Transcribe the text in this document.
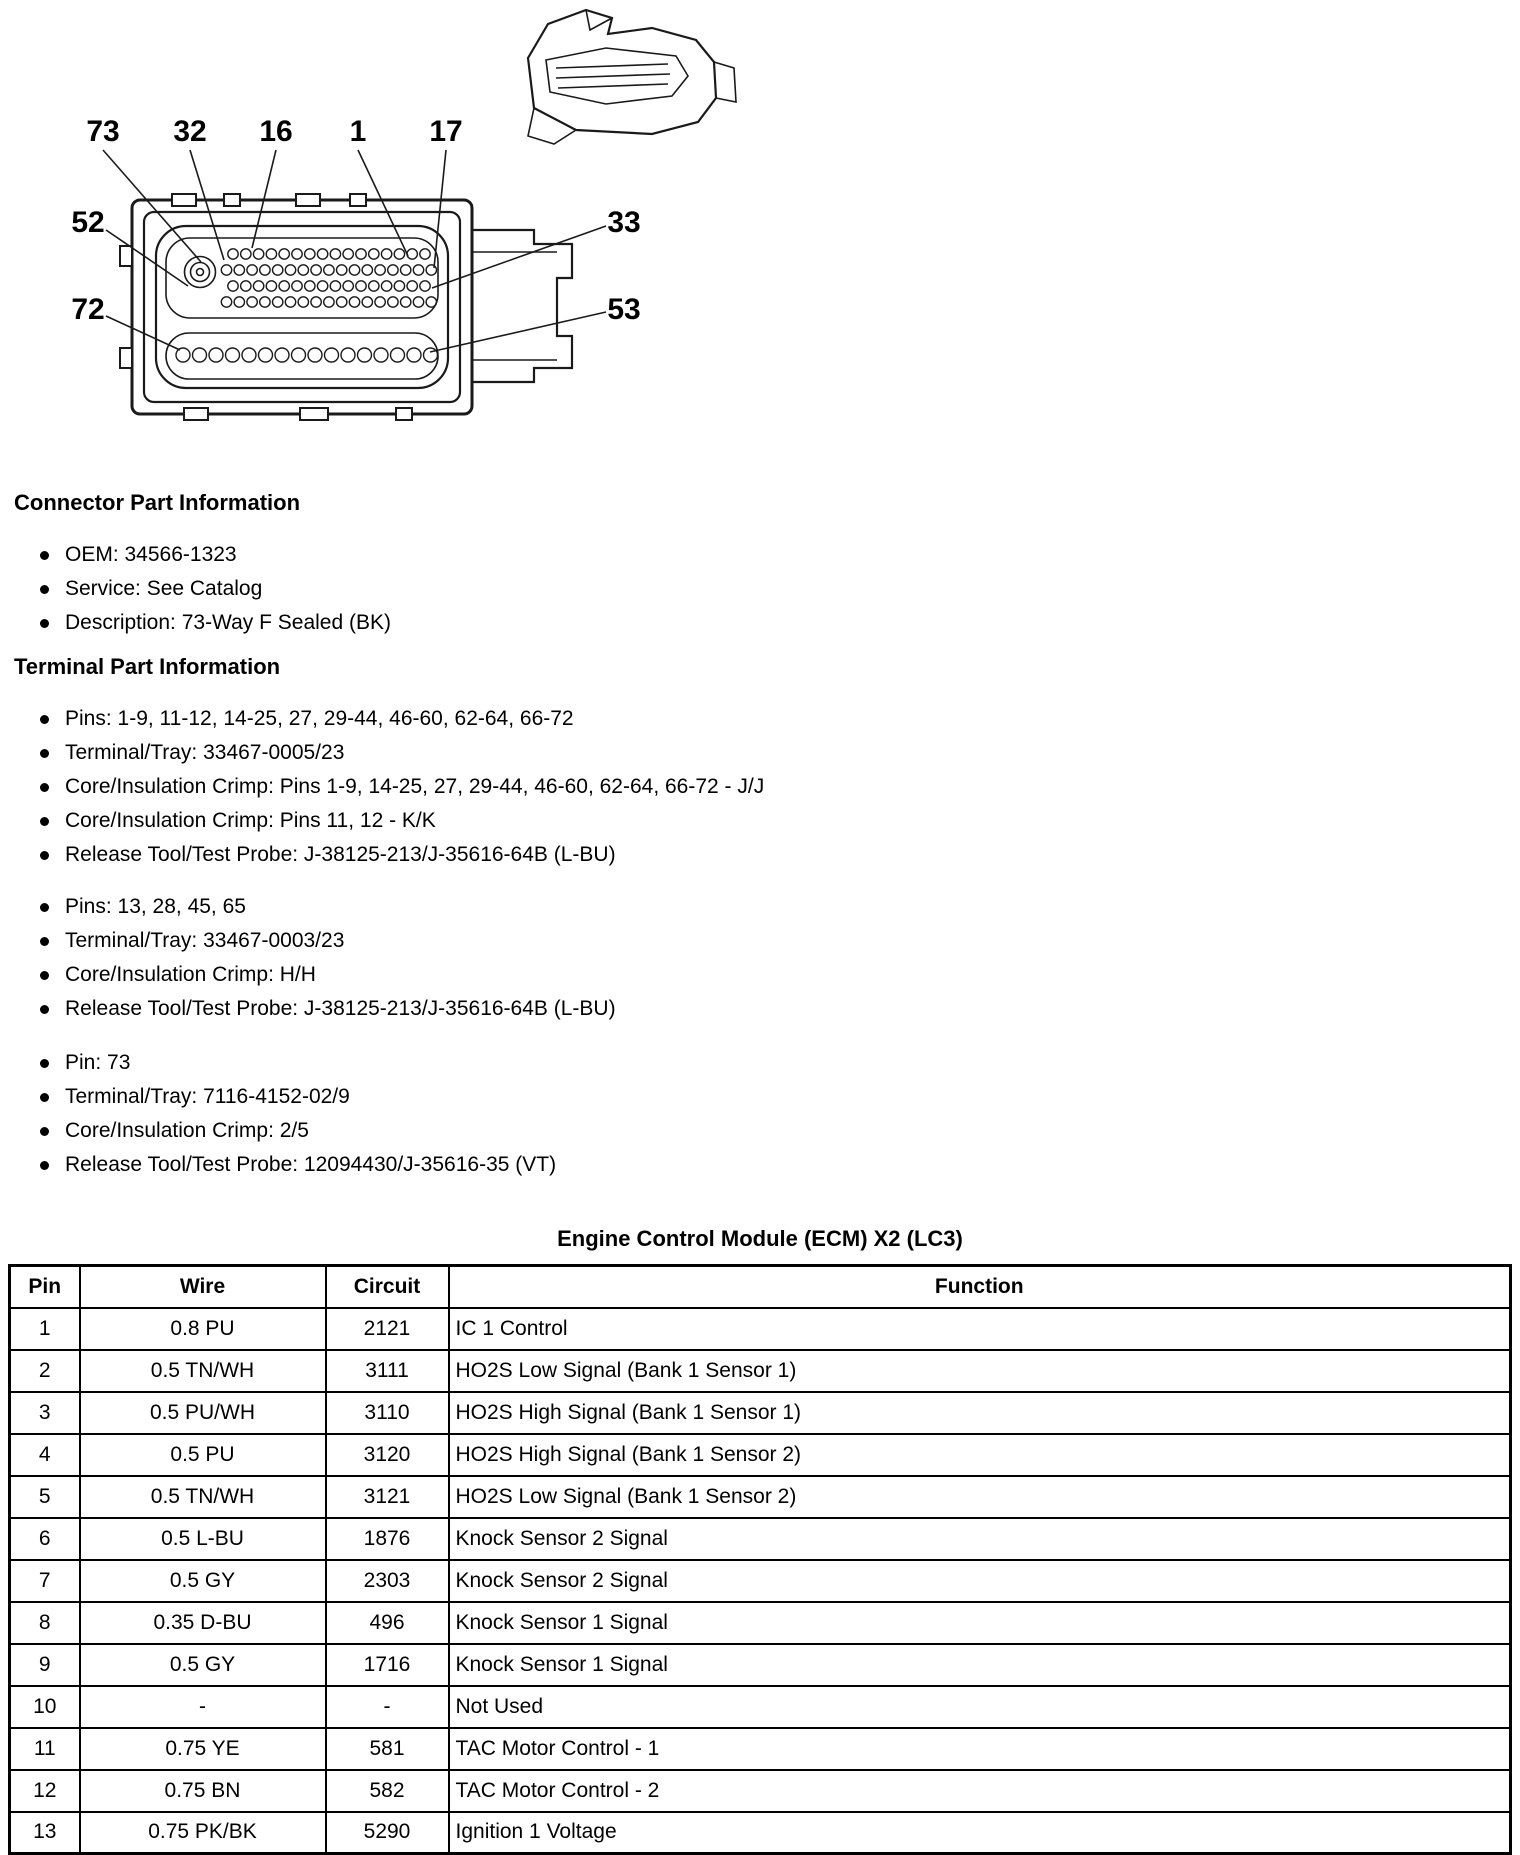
73 32 16 1 17
52
72
33
53
Connector Part Information
OEM: 34566-1323
Service: See Catalog
Description: 73-Way F Sealed (BK)
Terminal Part Information
Pins: 1-9, 11-12, 14-25, 27, 29-44, 46-60, 62-64, 66-72
Terminal/Tray: 33467-0005/23
Core/Insulation Crimp: Pins 1-9, 14-25, 27, 29-44, 46-60, 62-64, 66-72 - J/J
Core/Insulation Crimp: Pins 11, 12 - K/K
Release Tool/Test Probe: J-38125-213/J-35616-64B (L-BU)
Pins: 13, 28, 45, 65
Terminal/Tray: 33467-0003/23
Core/Insulation Crimp: H/H
Release Tool/Test Probe: J-38125-213/J-35616-64B (L-BU)
Pin: 73
Terminal/Tray: 7116-4152-02/9
Core/Insulation Crimp: 2/5
Release Tool/Test Probe: 12094430/J-35616-35 (VT)
Engine Control Module (ECM) X2 (LC3)
Pin	Wire	Circuit	Function
1	0.8 PU	2121	IC 1 Control
2	0.5 TN/WH	3111	HO2S Low Signal (Bank 1 Sensor 1)
3	0.5 PU/WH	3110	HO2S High Signal (Bank 1 Sensor 1)
4	0.5 PU	3120	HO2S High Signal (Bank 1 Sensor 2)
5	0.5 TN/WH	3121	HO2S Low Signal (Bank 1 Sensor 2)
6	0.5 L-BU	1876	Knock Sensor 2 Signal
7	0.5 GY	2303	Knock Sensor 2 Signal
8	0.35 D-BU	496	Knock Sensor 1 Signal
9	0.5 GY	1716	Knock Sensor 1 Signal
10	-	-	Not Used
11	0.75 YE	581	TAC Motor Control - 1
12	0.75 BN	582	TAC Motor Control - 2
13	0.75 PK/BK	5290	Ignition 1 Voltage
